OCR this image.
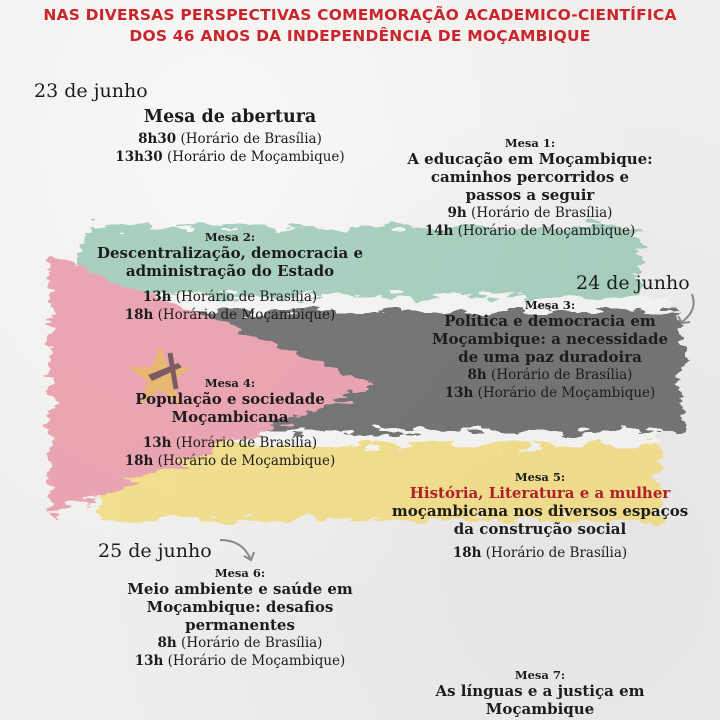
NAS DIVERSAS PERSPECTIVAS COMEMORAÇÃO ACADEMICO-CIENTÍFICA
DOS 46 ANOS DA INDEPENDÊNCIA DE MOÇAMBIQUE
23 de junho
24 de junho
25 de junho
Mesa de abertura
8h30 (Horário de Brasília)
13h30 (Horário de Moçambique)
Mesa 1:
A educação em Moçambique:
caminhos percorridos e
passos a seguir
9h (Horário de Brasília)
14h (Horário de Moçambique)
Mesa 2:
Descentralização, democracia e
administração do Estado
13h (Horário de Brasília)
18h (Horário de Moçambique)
Mesa 3:
Política e democracia em
Moçambique: a necessidade
de uma paz duradoira
8h (Horário de Brasília)
13h (Horário de Moçambique)
Mesa 4:
População e sociedade
Moçambicana
13h (Horário de Brasília)
18h (Horário de Moçambique)
Mesa 5:
História, Literatura e a mulher
moçambicana nos diversos espaços
da construção social
18h (Horário de Brasília)
Mesa 6:
Meio ambiente e saúde em
Moçambique: desafios
permanentes
8h (Horário de Brasília)
13h (Horário de Moçambique)
Mesa 7:
As línguas e a justiça em
Moçambique
